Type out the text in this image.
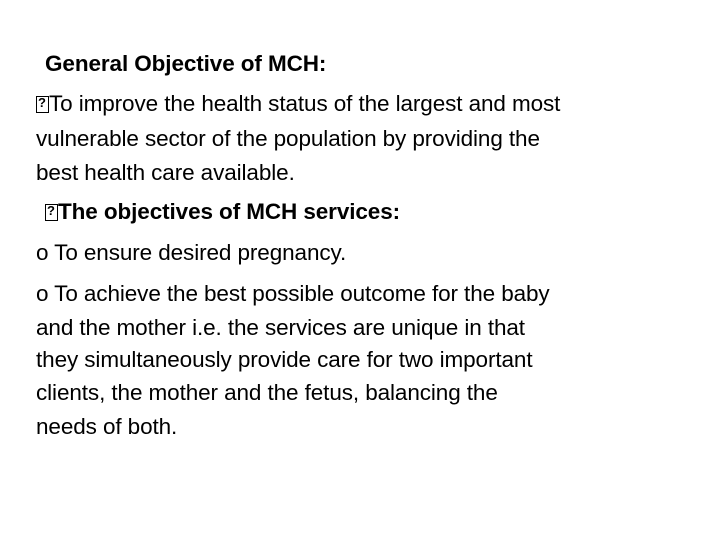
General Objective of MCH:
?To improve the health status of the largest and most
vulnerable sector of the population by providing the
best health care available.
?The objectives of MCH services:
o To ensure desired pregnancy.
o To achieve the best possible outcome for the baby
and the mother i.e. the services are unique in that
they simultaneously provide care for two important
clients, the mother and the fetus, balancing the
needs of both.
